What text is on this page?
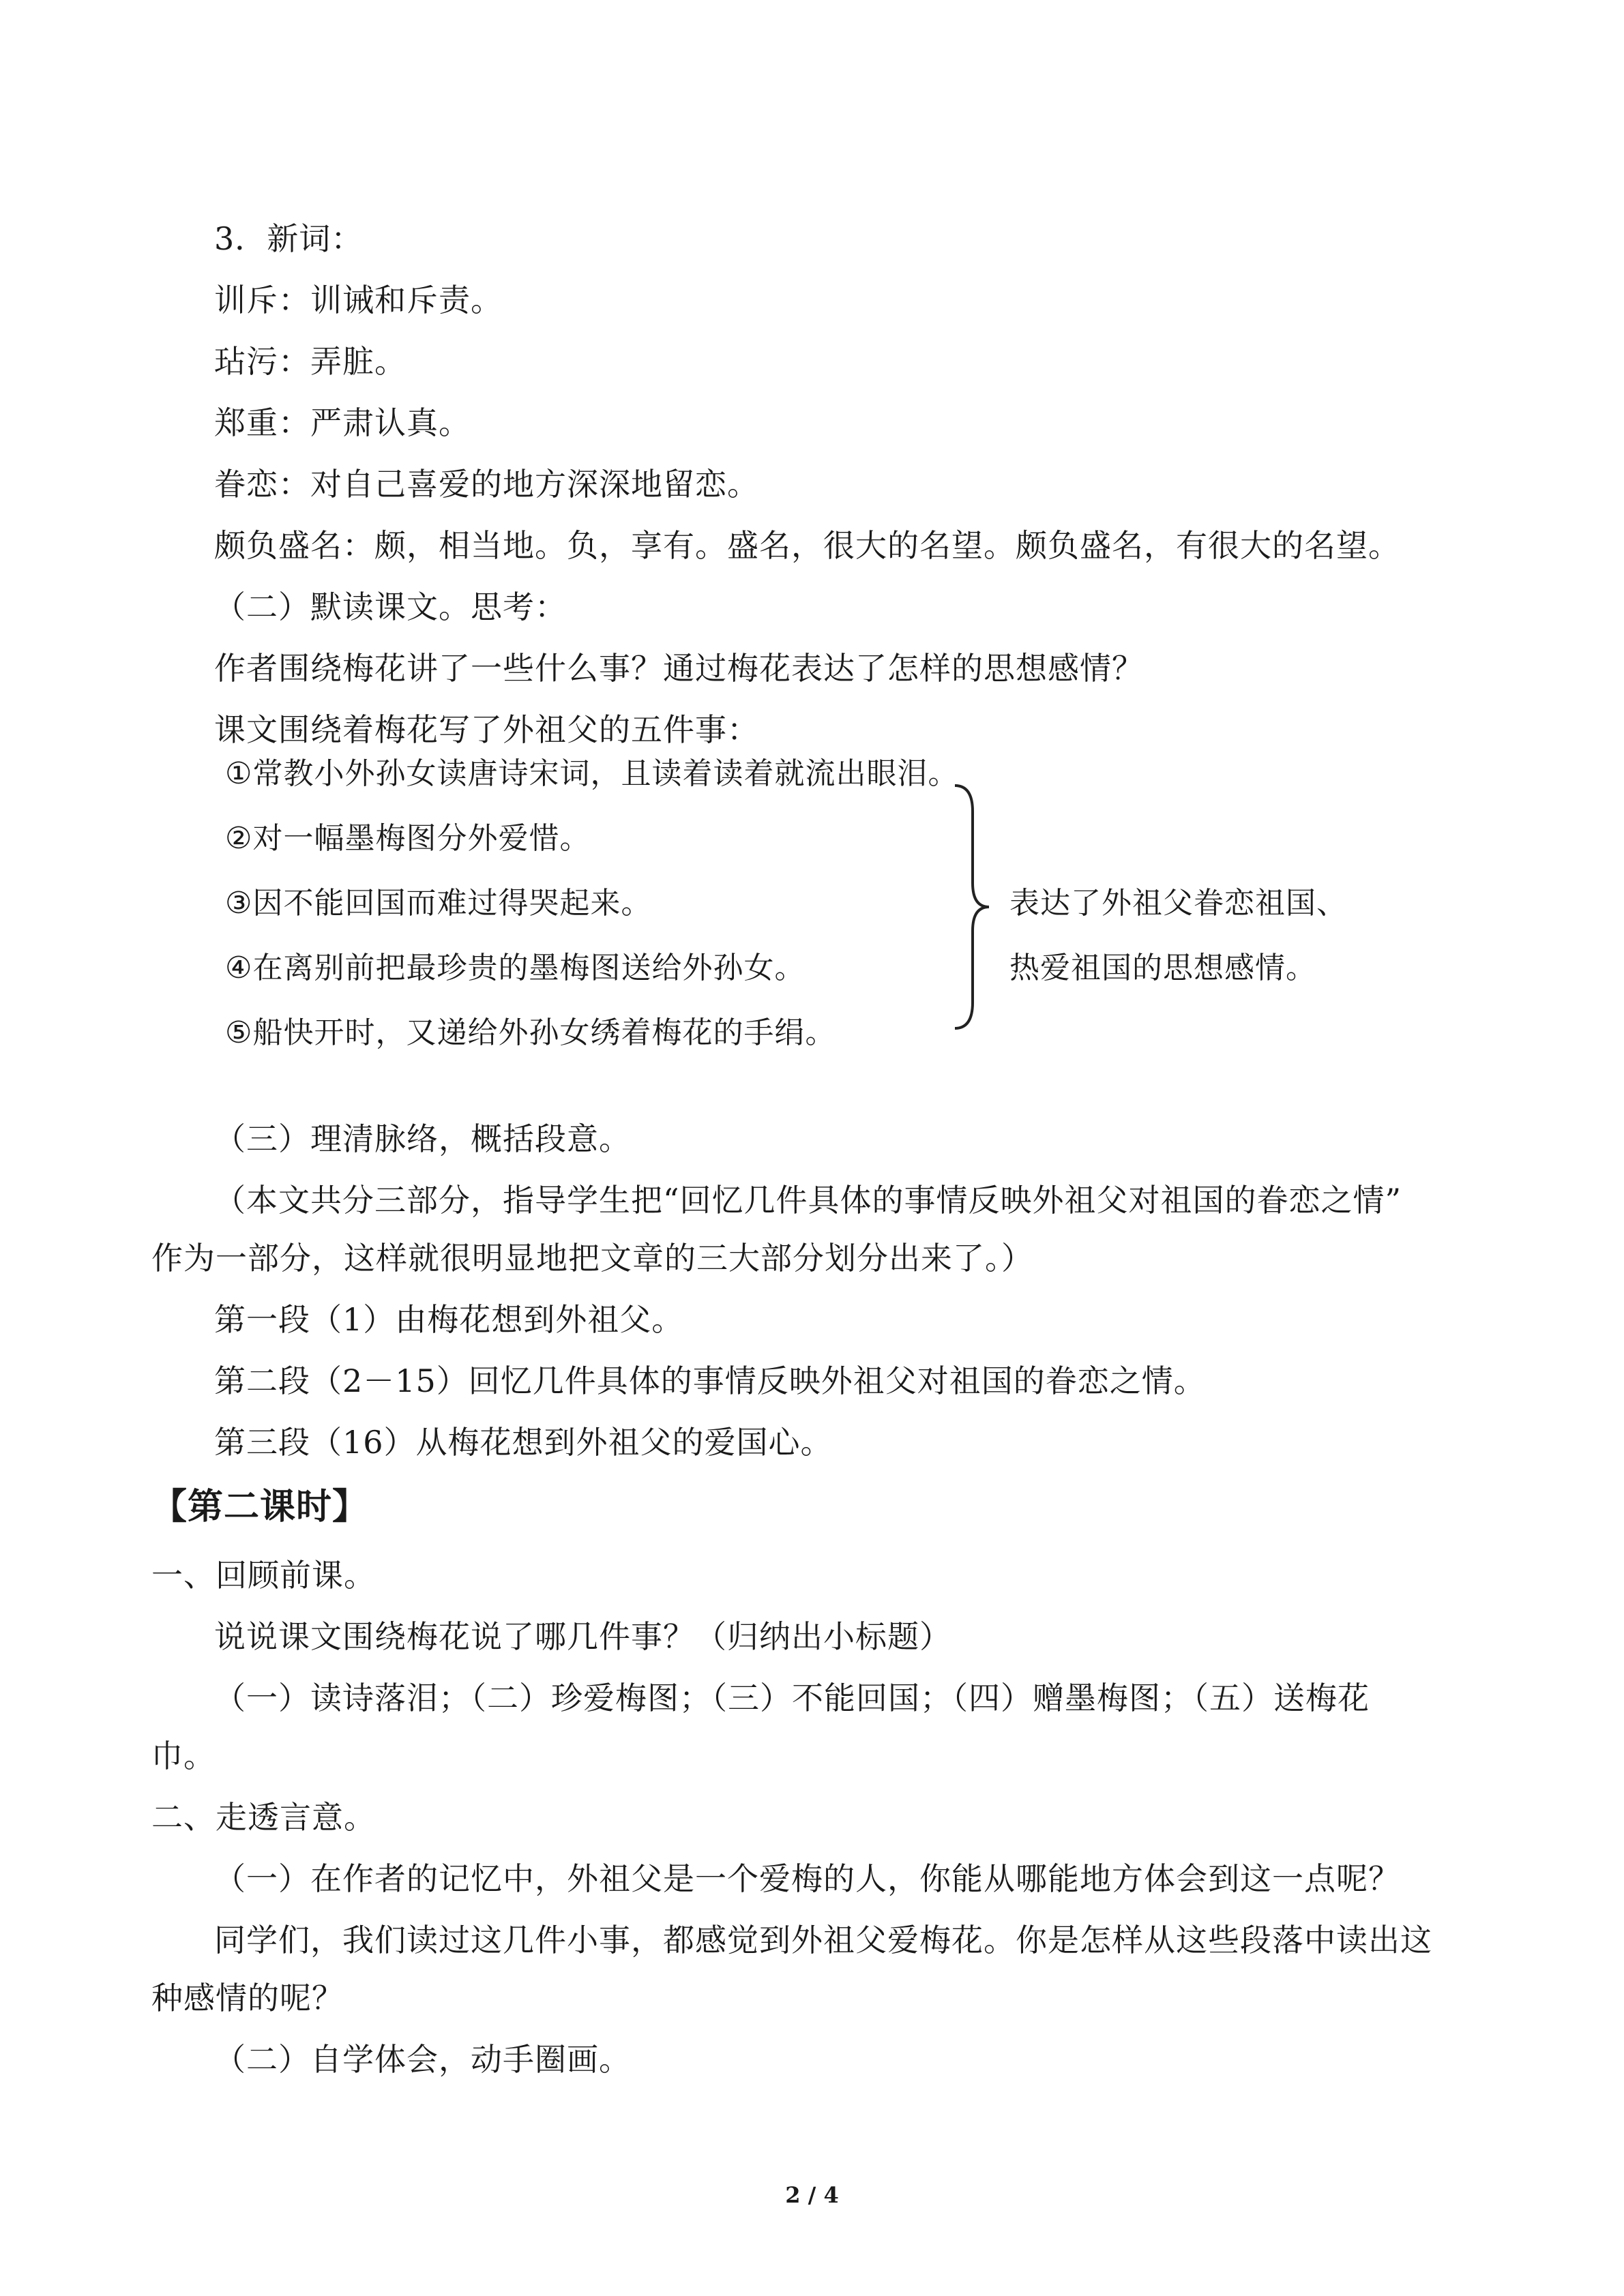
3．新词：
训斥：训诫和斥责。
玷污：弄脏。
郑重：严肃认真。
眷恋：对自己喜爱的地方深深地留恋。
颇负盛名：颇，相当地。负，享有。盛名，很大的名望。颇负盛名，有很大的名望。
（二）默读课文。思考：
作者围绕梅花讲了一些什么事？通过梅花表达了怎样的思想感情？
课文围绕着梅花写了外祖父的五件事：
①常教小外孙女读唐诗宋词，且读着读着就流出眼泪。
②对一幅墨梅图分外爱惜。
③因不能回国而难过得哭起来。
④在离别前把最珍贵的墨梅图送给外孙女。
⑤船快开时，又递给外孙女绣着梅花的手绢。
表达了外祖父眷恋祖国、
热爱祖国的思想感情。
（三）理清脉络，概括段意。
（本文共分三部分，指导学生把“回忆几件具体的事情反映外祖父对祖国的眷恋之情”
作为一部分，这样就很明显地把文章的三大部分划分出来了。）
第一段（1）由梅花想到外祖父。
第二段（2－15）回忆几件具体的事情反映外祖父对祖国的眷恋之情。
第三段（16）从梅花想到外祖父的爱国心。
【第二课时】
一、回顾前课。
说说课文围绕梅花说了哪几件事？（归纳出小标题）
（一）读诗落泪；（二）珍爱梅图；（三）不能回国；（四）赠墨梅图；（五）送梅花
巾。
二、走透言意。
（一）在作者的记忆中，外祖父是一个爱梅的人，你能从哪能地方体会到这一点呢？
同学们，我们读过这几件小事，都感觉到外祖父爱梅花。你是怎样从这些段落中读出这
种感情的呢？
（二）自学体会，动手圈画。
2 / 4
